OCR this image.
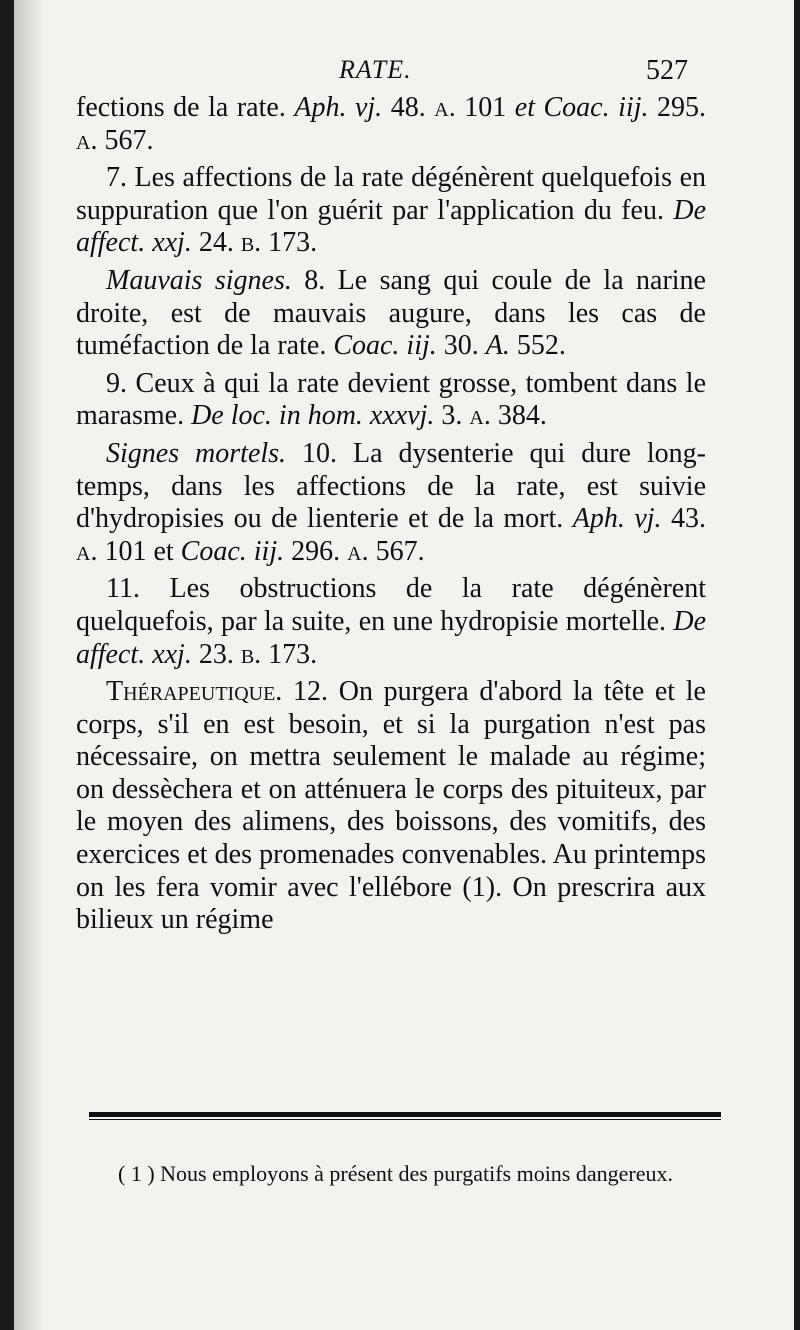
RATE.	527

fections de la rate. Aph. vj. 48. a. 101 et Coac. iij. 295. a. 567.

7. Les affections de la rate dégénèrent quelquefois en suppuration que l'on guérit par l'application du feu. De affect. xxj. 24. b. 173.

Mauvais signes. 8. Le sang qui coule de la narine droite, est de mauvais augure, dans les cas de tuméfaction de la rate. Coac. iij. 30. A. 552.

9. Ceux à qui la rate devient grosse, tombent dans le marasme. De loc. in hom. xxxvj. 3. a. 384.

Signes mortels. 10. La dysenterie qui dure long-temps, dans les affections de la rate, est suivie d'hydropisies ou de lienterie et de la mort. Aph. vj. 43. a. 101 et Coac. iij. 296. a. 567.

11. Les obstructions de la rate dégénèrent quelquefois, par la suite, en une hydropisie mortelle. De affect. xxj. 23. b. 173.

Thérapeutique. 12. On purgera d'abord la tête et le corps, s'il en est besoin, et si la purgation n'est pas nécessaire, on mettra seulement le malade au régime; on dessèchera et on atténuera le corps des pituiteux, par le moyen des alimens, des boissons, des vomitifs, des exercices et des promenades convenables. Au printemps on les fera vomir avec l'ellébore (1). On prescrira aux bilieux un régime

( 1 ) Nous employons à présent des purgatifs moins dangereux.
